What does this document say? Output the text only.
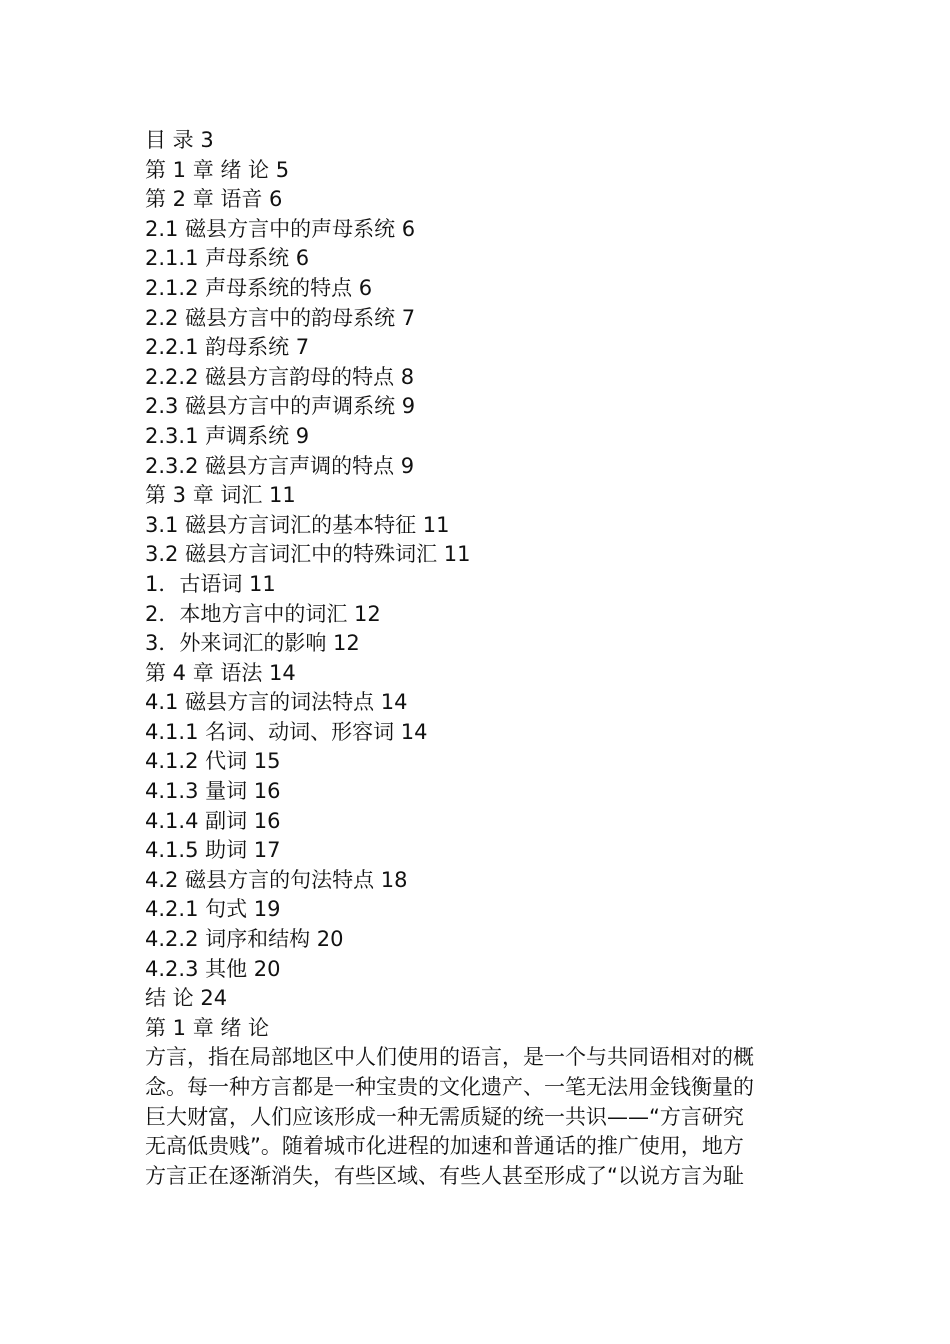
目 录 3
第 1 章 绪 论 5
第 2 章 语音 6
2.1 磁县方言中的声母系统 6
2.1.1 声母系统 6
2.1.2 声母系统的特点 6
2.2 磁县方言中的韵母系统 7
2.2.1 韵母系统 7
2.2.2 磁县方言韵母的特点 8
2.3 磁县方言中的声调系统 9
2.3.1 声调系统 9
2.3.2 磁县方言声调的特点 9
第 3 章 词汇 11
3.1 磁县方言词汇的基本特征 11
3.2 磁县方言词汇中的特殊词汇 11
1．古语词 11
2．本地方言中的词汇 12
3．外来词汇的影响 12
第 4 章 语法 14
4.1 磁县方言的词法特点 14
4.1.1 名词、动词、形容词 14
4.1.2 代词 15
4.1.3 量词 16
4.1.4 副词 16
4.1.5 助词 17
4.2 磁县方言的句法特点 18
4.2.1 句式 19
4.2.2 词序和结构 20
4.2.3 其他 20
结 论 24
第 1 章 绪 论
方言，指在局部地区中人们使用的语言，是一个与共同语相对的概
念。每一种方言都是一种宝贵的文化遗产、一笔无法用金钱衡量的
巨大财富，人们应该形成一种无需质疑的统一共识——“方言研究
无高低贵贱”。随着城市化进程的加速和普通话的推广使用，地方
方言正在逐渐消失，有些区域、有些人甚至形成了“以说方言为耻
